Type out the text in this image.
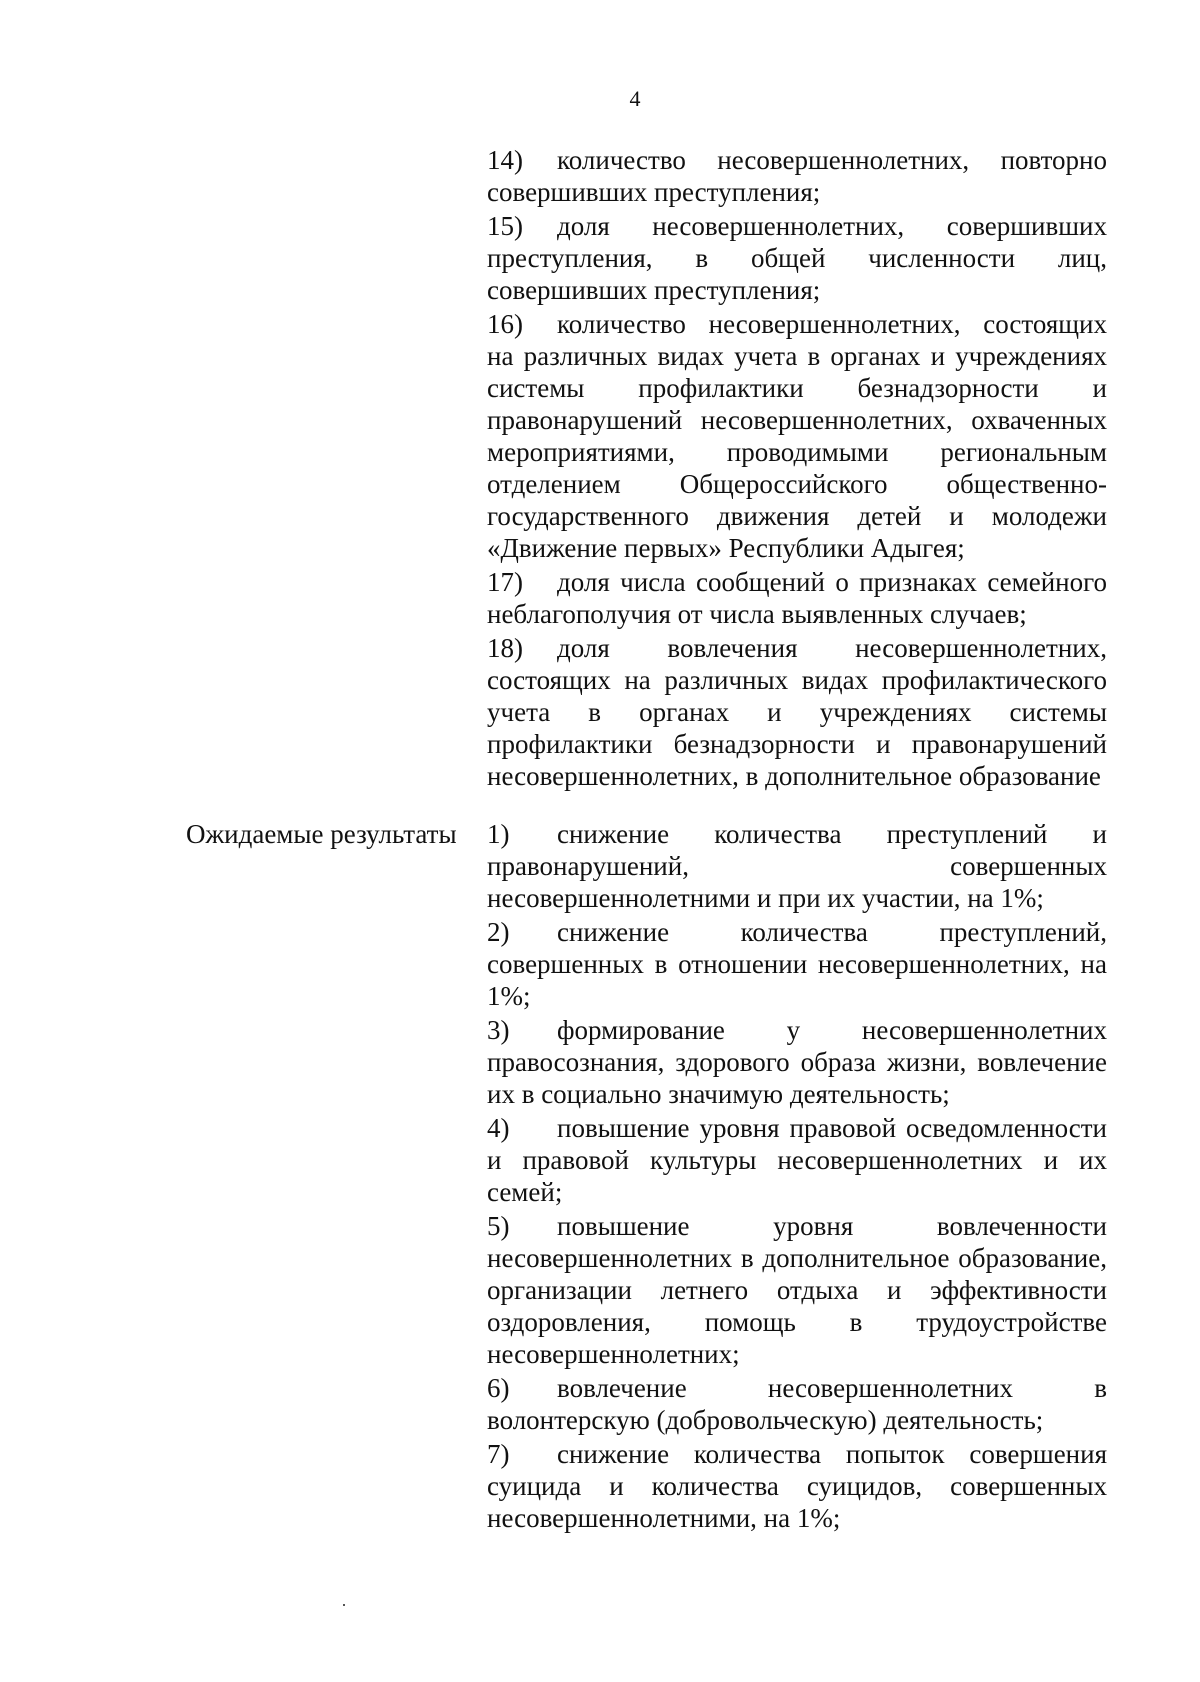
4

14) количество несовершеннолетних, повторно совершивших преступления;

15) доля несовершеннолетних, совершивших преступления, в общей численности лиц, совершивших преступления;

16) количество несовершеннолетних, состоящих на различных видах учета в органах и учреждениях системы профилактики безнадзорности и правонарушений несовершеннолетних, охваченных мероприятиями, проводимыми региональным отделением Общероссийского общественно-государственного движения детей и молодежи «Движение первых» Республики Адыгея;

17) доля числа сообщений о признаках семейного неблагополучия от числа выявленных случаев;

18) доля вовлечения несовершеннолетних, состоящих на различных видах профилактического учета в органах и учреждениях системы профилактики безнадзорности и правонарушений несовершеннолетних, в дополнительное образование

Ожидаемые результаты	1) снижение количества преступлений и правонарушений, совершенных несовершеннолетними и при их участии, на 1%;

2) снижение количества преступлений, совершенных в отношении несовершеннолетних, на 1%;

3) формирование у несовершеннолетних правосознания, здорового образа жизни, вовлечение их в социально значимую деятельность;

4) повышение уровня правовой осведомленности и правовой культуры несовершеннолетних и их семей;

5) повышение уровня вовлеченности несовершеннолетних в дополнительное образование, организации летнего отдыха и эффективности оздоровления, помощь в трудоустройстве несовершеннолетних;

6) вовлечение несовершеннолетних в волонтерскую (добровольческую) деятельность;

7) снижение количества попыток совершения суицида и количества суицидов, совершенных несовершеннолетними, на 1%;
